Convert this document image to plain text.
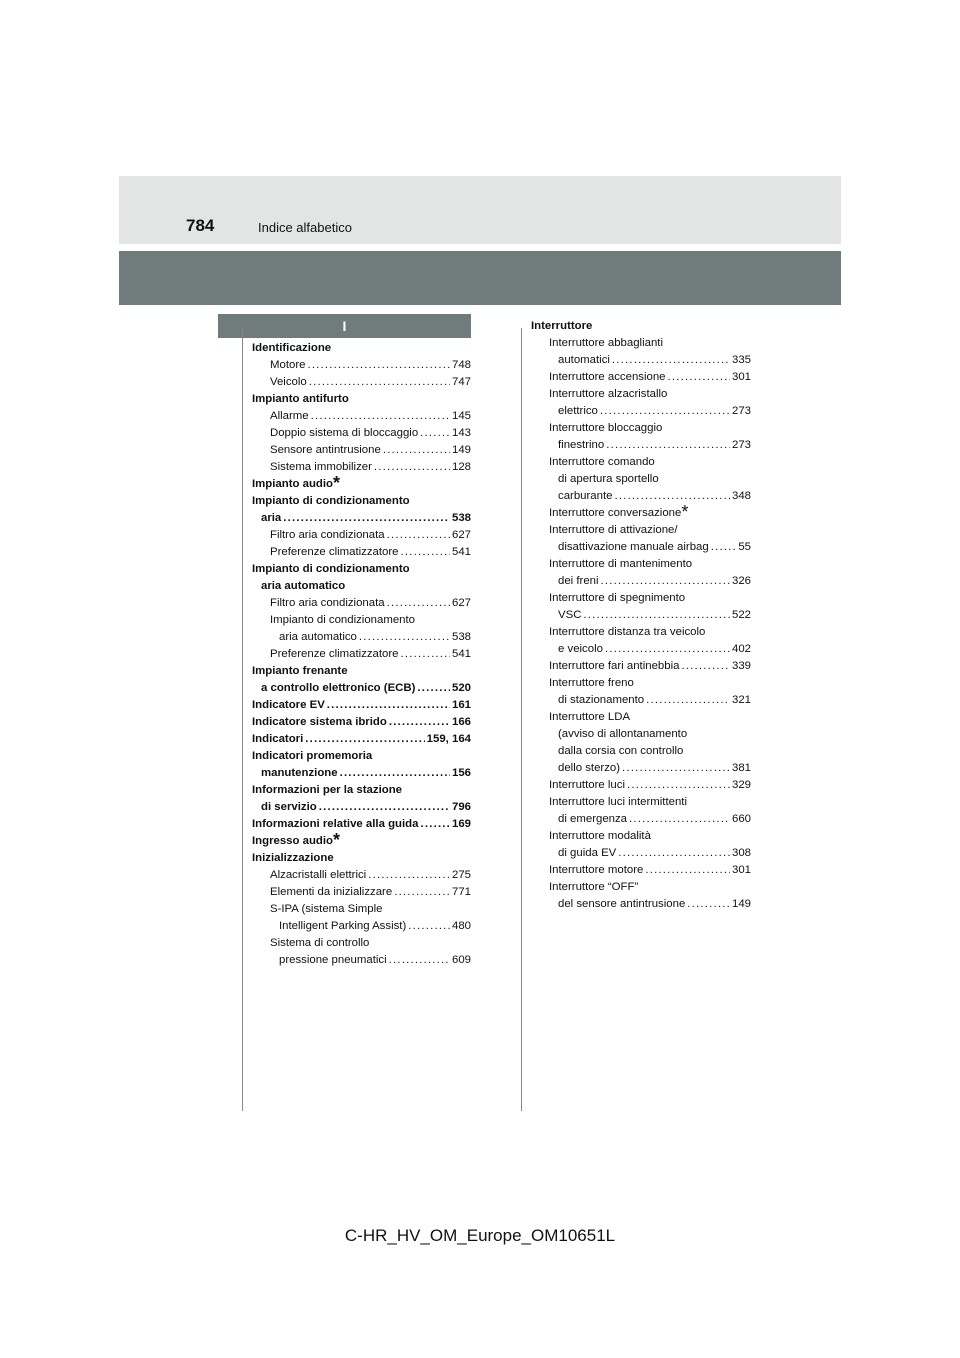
784	Indice alfabetico
I
Identificazione
Motore .....	748
Veicolo .....	747
Impianto antifurto
Allarme .....	145
Doppio sistema di bloccaggio .....	143
Sensore antintrusione .....	149
Sistema immobilizer .....	128
Impianto audio*
Impianto di condizionamento
aria .....	538
Filtro aria condizionata .....	627
Preferenze climatizzatore .....	541
Impianto di condizionamento
aria automatico
Filtro aria condizionata .....	627
Impianto di condizionamento
aria automatico .....	538
Preferenze climatizzatore .....	541
Impianto frenante
a controllo elettronico (ECB) .....	520
Indicatore EV .....	161
Indicatore sistema ibrido .....	166
Indicatori .....	159, 164
Indicatori promemoria
manutenzione .....	156
Informazioni per la stazione
di servizio .....	796
Informazioni relative alla guida .....	169
Ingresso audio*
Inizializzazione
Alzacristalli elettrici .....	275
Elementi da inizializzare .....	771
S-IPA (sistema Simple
Intelligent Parking Assist) .....	480
Sistema di controllo
pressione pneumatici .....	609
Interruttore
Interruttore abbaglianti
automatici .....	335
Interruttore accensione .....	301
Interruttore alzacristallo
elettrico .....	273
Interruttore bloccaggio
finestrino .....	273
Interruttore comando
di apertura sportello
carburante .....	348
Interruttore conversazione*
Interruttore di attivazione/
disattivazione manuale airbag .....	55
Interruttore di mantenimento
dei freni .....	326
Interruttore di spegnimento
VSC .....	522
Interruttore distanza tra veicolo
e veicolo .....	402
Interruttore fari antinebbia .....	339
Interruttore freno
di stazionamento .....	321
Interruttore LDA
(avviso di allontanamento
dalla corsia con controllo
dello sterzo) .....	381
Interruttore luci .....	329
Interruttore luci intermittenti
di emergenza .....	660
Interruttore modalità
di guida EV .....	308
Interruttore motore .....	301
Interruttore “OFF”
del sensore antintrusione .....	149
C-HR_HV_OM_Europe_OM10651L
